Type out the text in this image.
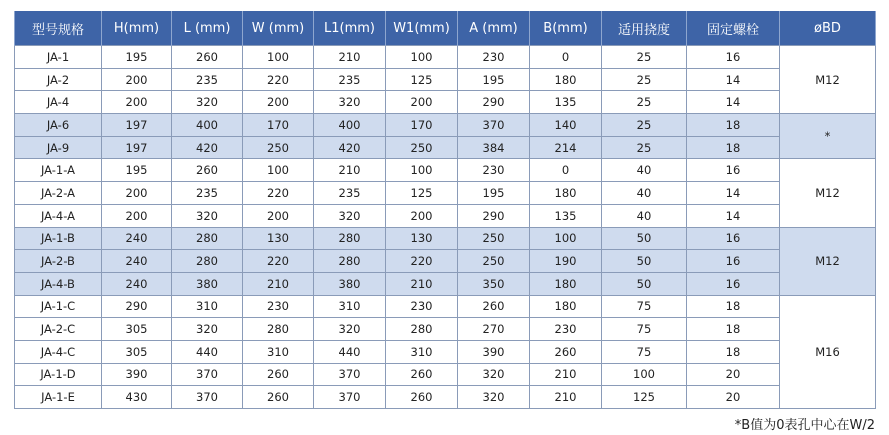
型号规格	H(mm)	L (mm)	W (mm)	L1(mm)	W1(mm)	A (mm)	B(mm)	适用挠度	固定螺栓	øBD
JA-1	195	260	100	210	100	230	0	25	16	M12
JA-2	200	235	220	235	125	195	180	25	14	
JA-4	200	320	200	320	200	290	135	25	14	
JA-6	197	400	170	400	170	370	140	25	18	*
JA-9	197	420	250	420	250	384	214	25	18	
JA-1-A	195	260	100	210	100	230	0	40	16	M12
JA-2-A	200	235	220	235	125	195	180	40	14	
JA-4-A	200	320	200	320	200	290	135	40	14	
JA-1-B	240	280	130	280	130	250	100	50	16	M12
JA-2-B	240	280	220	280	220	250	190	50	16	
JA-4-B	240	380	210	380	210	350	180	50	16	
JA-1-C	290	310	230	310	230	260	180	75	18	M16
JA-2-C	305	320	280	320	280	270	230	75	18	
JA-4-C	305	440	310	440	310	390	260	75	18	
JA-1-D	390	370	260	370	260	320	210	100	20	
JA-1-E	430	370	260	370	260	320	210	125	20	
*B值为0表孔中心在W/2
